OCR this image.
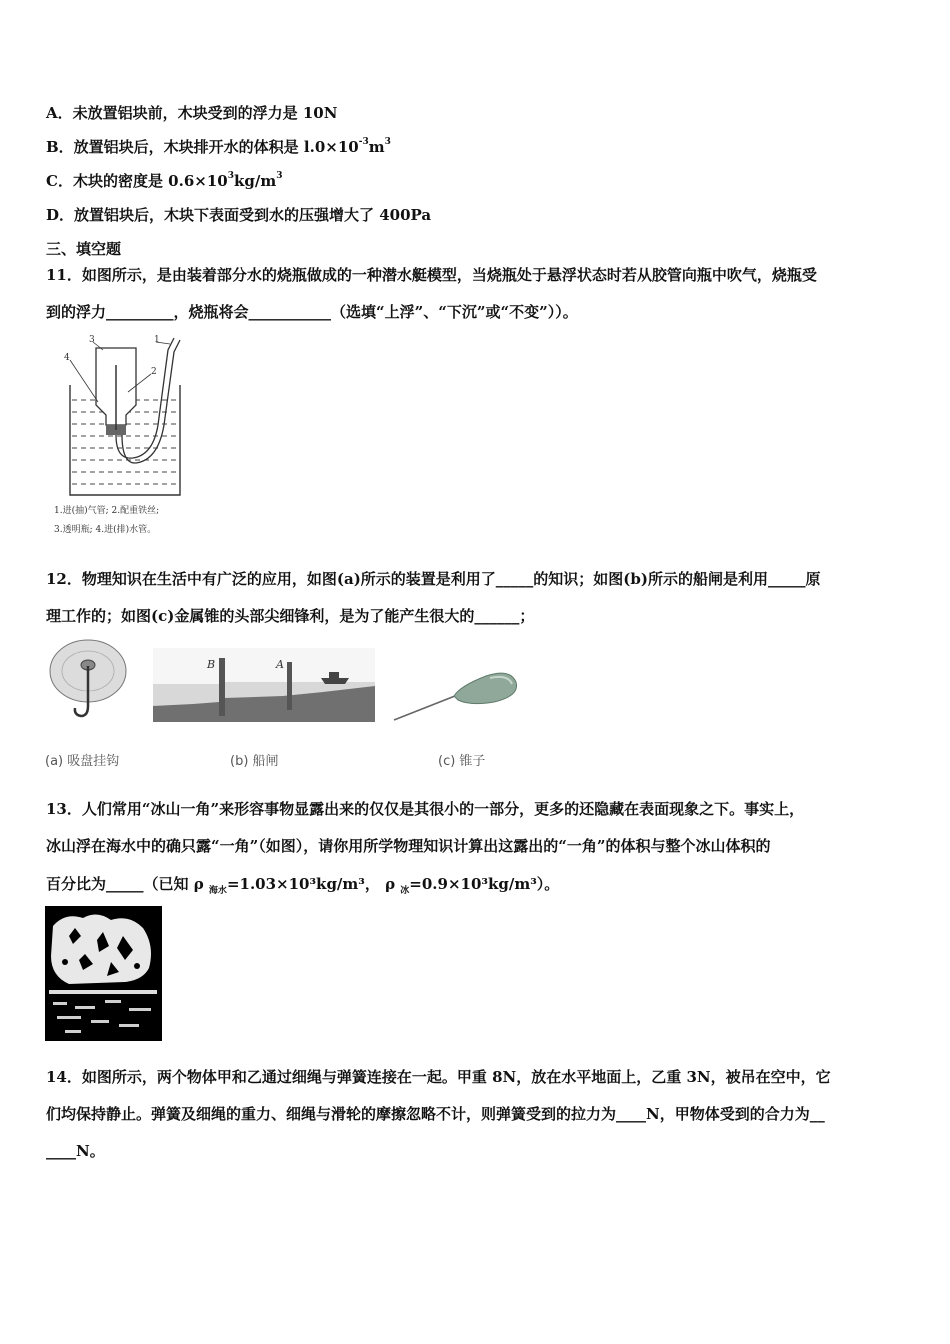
A．未放置铝块前，木块受到的浮力是 10N
B．放置铝块后，木块排开水的体积是 $l.0\times 10^{-3}m^3$
C．木块的密度是 $0.6\times 10^3kg/m^3$
D．放置铝块后，木块下表面受到水的压强增大了 400Pa
三、填空题
11．如图所示，是由装着部分水的烧瓶做成的一种潜水艇模型，当烧瓶处于悬浮状态时若从胶管向瓶中吹气，烧瓶受
到的浮力_________，烧瓶将会___________（选填“上浮”、“下沉”或“不变”））。
1
2
3
4
1.进(抽)气管; 2.配重铁丝;
3.透明瓶; 4.进(排)水管。
12．物理知识在生活中有广泛的应用，如图(a)所示的装置是利用了_____的知识；如图(b)所示的船闸是利用_____原
理工作的；如图(c)金属锥的头部尖细锋利，是为了能产生很大的______；
B	A
(a) 吸盘挂钩	(b) 船闸	(c) 锥子
13．人们常用“冰山一角”来形容事物显露出来的仅仅是其很小的一部分，更多的还隐藏在表面现象之下。事实上，
冰山浮在海水中的确只露“一角”（如图），请你用所学物理知识计算出这露出的“一角”的体积与整个冰山体积的
百分比为_____（已知 ρ $_{海水}$=1.03×10³kg/m³， ρ $_冰$=0.9×10³kg/m³）。
14．如图所示，两个物体甲和乙通过细绳与弹簧连接在一起。甲重 8N，放在水平地面上，乙重 3N，被吊在空中，它
们均保持静止。弹簧及细绳的重力、细绳与滑轮的摩擦忽略不计，则弹簧受到的拉力为____N，甲物体受到的合力为__
____N。
